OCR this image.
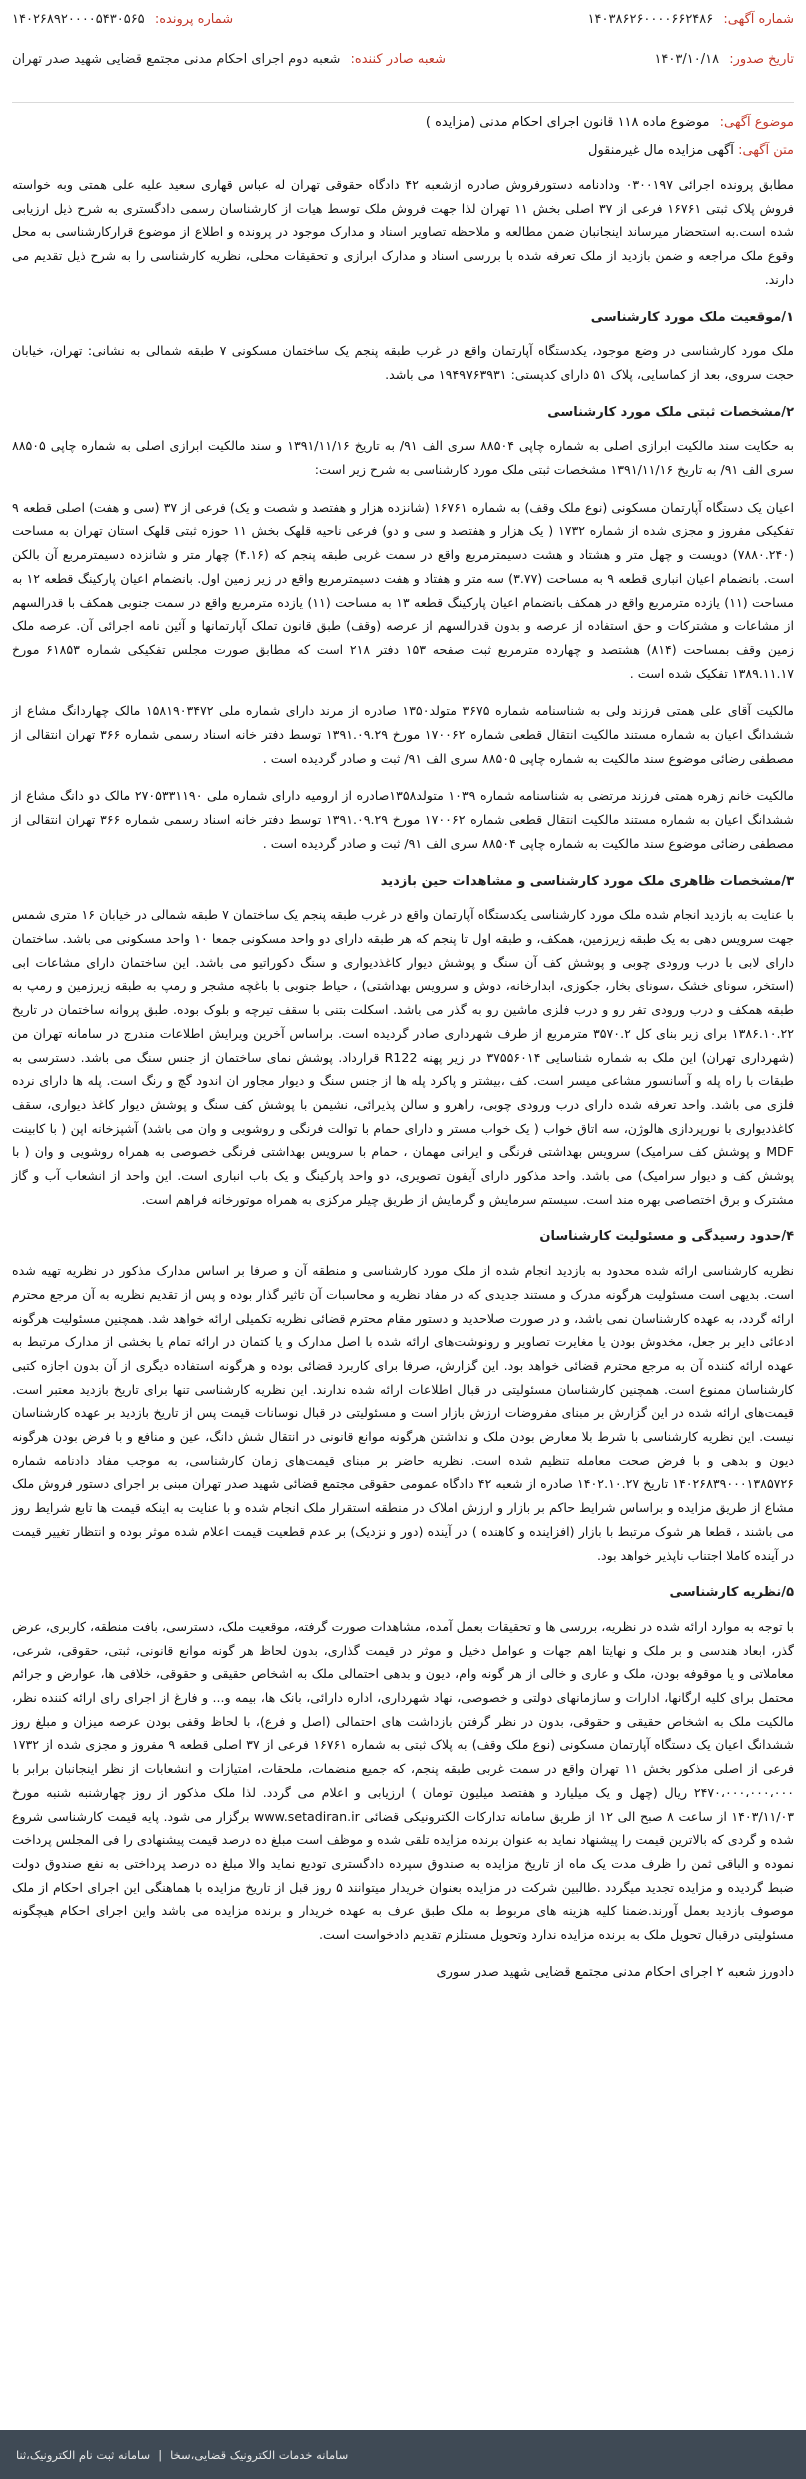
شماره آگهی: ۱۴۰۳۸۶۲۶۰۰۰۰۶۶۲۴۸۶
شماره پرونده: ۱۴۰۲۶۸۹۲۰۰۰۰۵۴۳۰۵۶۵
تاریخ صدور: ۱۴۰۳/۱۰/۱۸
شعبه صادر کننده: شعبه دوم اجرای احکام مدنی مجتمع قضایی شهید صدر تهران
موضوع آگهی: موضوع ماده ۱۱۸ قانون اجرای احکام مدنی (مزایده )
متن آگهی: آگهی مزایده مال غیرمنقول

مطابق پرونده اجرائی ۰۳۰۰۱۹۷ ودادنامه دستورفروش صادره ازشعبه ۴۲ دادگاه حقوقی تهران له عباس قهاری سعید علیه علی همتی وبه خواسته فروش پلاک ثبتی ۱۶۷۶۱ فرعی از ۳۷ اصلی بخش ۱۱ تهران لذا جهت فروش ملک توسط هیات از کارشناسان رسمی دادگستری به شرح ذیل ارزیابی شده است.به استحضار میرساند اینجانبان ضمن مطالعه و ملاحظه تصاویر اسناد و مدارک موجود در پرونده و اطلاع از موضوع قرارکارشناسی به محل وقوع ملک مراجعه و ضمن بازدید از ملک تعرفه شده با بررسی اسناد و مدارک ابرازی و تحقیقات محلی، نظریه کارشناسی را به شرح ذیل تقدیم می دارند.

۱/موقعیت ملک مورد کارشناسی

ملک مورد کارشناسی در وضع موجود، یکدستگاه آپارتمان واقع در غرب طبقه پنجم یک ساختمان مسکونی ۷ طبقه شمالی به نشانی: تهران، خیابان حجت سروی، بعد از کماسایی، پلاک ۵۱ دارای کدپستی: ۱۹۴۹۷۶۳۹۳۱ می باشد.

۲/مشخصات ثبتی ملک مورد کارشناسی

به حکایت سند مالکیت ابرازی اصلی به شماره چاپی ۸۸۵۰۴ سری الف ۹۱/ به تاریخ ۱۳۹۱/۱۱/۱۶ و سند مالکیت ابرازی اصلی به شماره چاپی ۸۸۵۰۵ سری الف ۹۱/ به تاریخ ۱۳۹۱/۱۱/۱۶ مشخصات ثبتی ملک مورد کارشناسی به شرح زیر است:

اعیان یک دستگاه آپارتمان مسکونی (نوع ملک وقف) به شماره ۱۶۷۶۱ (شانزده هزار و هفتصد و شصت و یک) فرعی از ۳۷ (سی و هفت) اصلی قطعه ۹ تفکیکی مفروز و مجزی شده از شماره ۱۷۳۲ ( یک هزار و هفتصد و سی و دو) فرعی ناحیه قلهک بخش ۱۱ حوزه ثبتی قلهک استان تهران به مساحت (۷۸۸۰.۲۴۰) دویست و چهل متر و هشتاد و هشت دسیمترمربع واقع در سمت غربی طبقه پنجم که (۴.۱۶) چهار متر و شانزده دسیمترمربع آن بالکن است. بانضمام اعیان انباری قطعه ۹ به مساحت (۳.۷۷) سه متر و هفتاد و هفت دسیمترمربع واقع در زیر زمین اول. بانضمام اعیان پارکینگ قطعه ۱۲ به مساحت (۱۱) یازده مترمربع واقع در همکف بانضمام اعیان پارکینگ قطعه ۱۳ به مساحت (۱۱) یازده مترمربع واقع در سمت جنوبی همکف با قدرالسهم از مشاعات و مشترکات و حق استفاده از عرصه و بدون قدرالسهم از عرصه (وقف) طبق قانون تملک آپارتمانها و آئین نامه اجرائی آن. عرصه ملک زمین وقف بمساحت (۸۱۴) هشتصد و چهارده مترمربع ثبت صفحه ۱۵۳ دفتر ۲۱۸ است که مطابق صورت مجلس تفکیکی شماره ۶۱۸۵۳ مورخ ۱۳۸۹.۱۱.۱۷ تفکیک شده است .

مالکیت آقای علی همتی فرزند ولی به شناسنامه شماره ۳۶۷۵ متولد۱۳۵۰ صادره از مرند دارای شماره ملی ۱۵۸۱۹۰۳۴۷۲ مالک چهاردانگ مشاع از ششدانگ اعیان به شماره مستند مالکیت انتقال قطعی شماره ۱۷۰۰۶۲ مورخ ۱۳۹۱.۰۹.۲۹ توسط دفتر خانه اسناد رسمی شماره ۳۶۶ تهران انتقالی از مصطفی رضائی موضوع سند مالکیت به شماره چاپی ۸۸۵۰۵ سری الف ۹۱/ ثبت و صادر گردیده است .

مالکیت خانم زهره همتی فرزند مرتضی به شناسنامه شماره ۱۰۳۹ متولد۱۳۵۸صادره از ارومیه دارای شماره ملی ۲۷۰۵۳۳۱۱۹۰ مالک دو دانگ مشاع از ششدانگ اعیان به شماره مستند مالکیت انتقال قطعی شماره ۱۷۰۰۶۲ مورخ ۱۳۹۱.۰۹.۲۹ توسط دفتر خانه اسناد رسمی شماره ۳۶۶ تهران انتقالی از مصطفی رضائی موضوع سند مالکیت به شماره چاپی ۸۸۵۰۴ سری الف ۹۱/ ثبت و صادر گردیده است .

۳/مشخصات ظاهری ملک مورد کارشناسی و مشاهدات حین بازدید

با عنایت به بازدید انجام شده ملک مورد کارشناسی یکدستگاه آپارتمان واقع در غرب طبقه پنجم یک ساختمان ۷ طبقه شمالی در خیابان ۱۶ متری شمس جهت سرویس دهی به یک طبقه زیرزمین، همکف، و طبقه اول تا پنجم که هر طبقه دارای دو واحد مسکونی جمعا ۱۰ واحد مسکونی می باشد. ساختمان دارای لابی با درب ورودی چوبی و پوشش کف آن سنگ و پوشش دیوار کاغذدیواری و سنگ دکوراتیو می باشد. این ساختمان دارای مشاعات ابی (استخر، سونای خشک ،سونای بخار، جکوزی، ابدارخانه، دوش و سرویس بهداشتی) ، حیاط جنوبی با باغچه مشجر و رمپ به طبقه زیرزمین و رمپ به طبقه همکف و درب ورودی تفر رو و درب فلزی ماشین رو به گذر می باشد. اسکلت بتنی با سقف تیرچه و بلوک بوده. طبق پروانه ساختمان در تاریخ ۱۳۸۶.۱۰.۲۲ برای زیر بنای کل ۳۵۷۰.۲ مترمربع از طرف شهرداری صادر گردیده است. براساس آخرین ویرایش اطلاعات مندرج در سامانه تهران من (شهرداری تهران) این ملک به شماره شناسایی ۳۷۵۵۶۰۱۴ در زیر پهنه R122 قرارداد. پوشش نمای ساختمان از جنس سنگ می باشد. دسترسی به طبقات با راه پله و آسانسور مشاعی میسر است. کف ،بیشتر و پاکرد پله ها از جنس سنگ و دیوار مجاور ان اندود گچ و رنگ است. پله ها دارای نرده فلزی می باشد. واحد تعرفه شده دارای درب ورودی چوبی، راهرو و سالن پذیرائی، نشیمن با پوشش کف سنگ و پوشش دیوار کاغذ دیواری، سقف کاغذدیواری با نورپردازی هالوژن، سه اتاق خواب ( یک خواب مستر و دارای حمام با توالت فرنگی و روشویی و وان می باشد) آشپزخانه اپن ( با کابینت MDF و پوشش کف سرامیک) سرویس بهداشتی فرنگی و ایرانی مهمان ، حمام با سرویس بهداشتی فرنگی خصوصی به همراه روشویی و وان ( با پوشش کف و دیوار سرامیک) می باشد. واحد مذکور دارای آیفون تصویری، دو واحد پارکینگ و یک باب انباری است. این واحد از انشعاب آب و گاز مشترک و برق اختصاصی بهره مند است. سیستم سرمایش و گرمایش از طریق چیلر مرکزی به همراه موتورخانه فراهم است.

۴/حدود رسیدگی و مسئولیت کارشناسان

نظریه کارشناسی ارائه شده محدود به بازدید انجام شده از ملک مورد کارشناسی و منطقه آن و صرفا بر اساس مدارک مذکور در نظریه تهیه شده است. بدیهی است مسئولیت هرگونه مدرک و مستند جدیدی که در مفاد نظریه و محاسبات آن تاثیر گذار بوده و پس از تقدیم نظریه به آن مرجع محترم ارائه گردد، به عهده کارشناسان نمی باشد، و در صورت صلاحدید و دستور مقام محترم قضائی نظریه تکمیلی ارائه خواهد شد. همچنین مسئولیت هرگونه ادعائی دایر بر جعل، مخدوش بودن یا مغایرت تصاویر و رونوشت‌های ارائه شده با اصل مدارک و یا کتمان در ارائه تمام یا بخشی از مدارک مرتبط به عهده ارائه کننده آن به مرجع محترم قضائی خواهد بود. این گزارش، صرفا برای کاربرد قضائی بوده و هرگونه استفاده دیگری از آن بدون اجازه کتبی کارشناسان ممنوع است. همچنین کارشناسان مسئولیتی در قبال اطلاعات ارائه شده ندارند. این نظریه کارشناسی تنها برای تاریخ بازدید معتبر است. قیمت‌های ارائه شده در این گزارش بر مبنای مفروضات ارزش بازار است و مسئولیتی در قبال نوسانات قیمت پس از تاریخ بازدید بر عهده کارشناسان نیست. این نظریه کارشناسی با شرط بلا معارض بودن ملک و نداشتن هرگونه موانع قانونی در انتقال شش دانگ، عین و منافع و با فرض بودن هرگونه دیون و بدهی و با فرض صحت معامله تنظیم شده است. نظریه حاضر بر مبنای قیمت‌های زمان کارشناسی، به موجب مفاد دادنامه شماره ۱۴۰۲۶۸۳۹۰۰۰۱۳۸۵۷۲۶ تاریخ ۱۴۰۲.۱۰.۲۷ صادره از شعبه ۴۲ دادگاه عمومی حقوقی مجتمع قضائی شهید صدر تهران مبنی بر اجرای دستور فروش ملک مشاع از طریق مزایده و براساس شرایط حاکم بر بازار و ارزش املاک در منطقه استقرار ملک انجام شده و با عنایت به اینکه قیمت ها تابع شرایط روز می باشند ، قطعا هر شوک مرتبط با بازار (افزاینده و کاهنده ) در آینده (دور و نزدیک) بر عدم قطعیت قیمت اعلام شده موثر بوده و انتظار تغییر قیمت در آینده کاملا اجتناب ناپذیر خواهد بود.

۵/نظریه کارشناسی

با توجه به موارد ارائه شده در نظریه، بررسی ها و تحقیقات بعمل آمده، مشاهدات صورت گرفته، موقعیت ملک، دسترسی، بافت منطقه، کاربری، عرض گذر، ابعاد هندسی و بر ملک و نهایتا اهم جهات و عوامل دخیل و موثر در قیمت گذاری، بدون لحاظ هر گونه موانع قانونی، ثبتی، حقوقی، شرعی، معاملاتی و یا موقوفه بودن، ملک و عاری و خالی از هر گونه وام، دیون و بدهی احتمالی ملک به اشخاص حقیقی و حقوقی، خلافی ها، عوارض و جرائم محتمل برای کلیه ارگانها، ادارات و سازمانهای دولتی و خصوصی، نهاد شهرداری، اداره دارائی، بانک ها، بیمه و... و فارغ از اجرای رای ارائه کننده نظر، مالکیت ملک به اشخاص حقیقی و حقوقی، بدون در نظر گرفتن بازداشت های احتمالی (اصل و فرع)، با لحاظ وقفی بودن عرصه میزان و مبلغ روز ششدانگ اعیان یک دستگاه آپارتمان مسکونی (نوع ملک وقف) به پلاک ثبتی به شماره ۱۶۷۶۱ فرعی از ۳۷ اصلی قطعه ۹ مفروز و مجزی شده از ۱۷۳۲ فرعی از اصلی مذکور بخش ۱۱ تهران واقع در سمت غربی طبقه پنجم، که جمیع منضمات، ملحقات، امتیازات و انشعابات از نظر اینجانبان برابر با ۲۴۷۰،۰۰۰،۰۰۰،۰۰۰ ریال (چهل و یک میلیارد و هفتصد میلیون تومان ) ارزیابی و اعلام می گردد. لذا ملک مذکور از روز چهارشنبه شنبه مورخ ۱۴۰۳/۱۱/۰۳ از ساعت ۸ صبح الی ۱۲ از طریق سامانه تدارکات الکترونیکی قضائی www.setadiran.ir برگزار می شود. پایه قیمت کارشناسی شروع شده و گردی که بالاترین قیمت را پیشنهاد نماید به عنوان برنده مزایده تلقی شده و موظف است مبلغ ده درصد قیمت پیشنهادی را فی المجلس پرداخت نموده و الباقی ثمن را ظرف مدت یک ماه از تاریخ مزایده به صندوق سپرده دادگستری تودیع نماید والا مبلغ ده درصد پرداختی به نفع صندوق دولت ضبط گردیده و مزایده تجدید میگردد .طالبین شرکت در مزایده بعنوان خریدار میتوانند ۵ روز قبل از تاریخ مزایده با هماهنگی این اجرای احکام از ملک موصوف بازدید بعمل آورند.ضمنا کلیه هزینه های مربوط به ملک طبق عرف به عهده خریدار و برنده مزایده می باشد واین اجرای احکام هیچگونه مسئولیتی درقبال تحویل ملک به برنده مزایده ندارد وتحویل مستلزم تقدیم دادخواست است.

دادورز شعبه ۲ اجرای احکام مدنی مجتمع قضایی شهید صدر سوری
سامانه خدمات الکترونیک قضایی،سخا
|
سامانه ثبت نام الکترونیک،ثنا
